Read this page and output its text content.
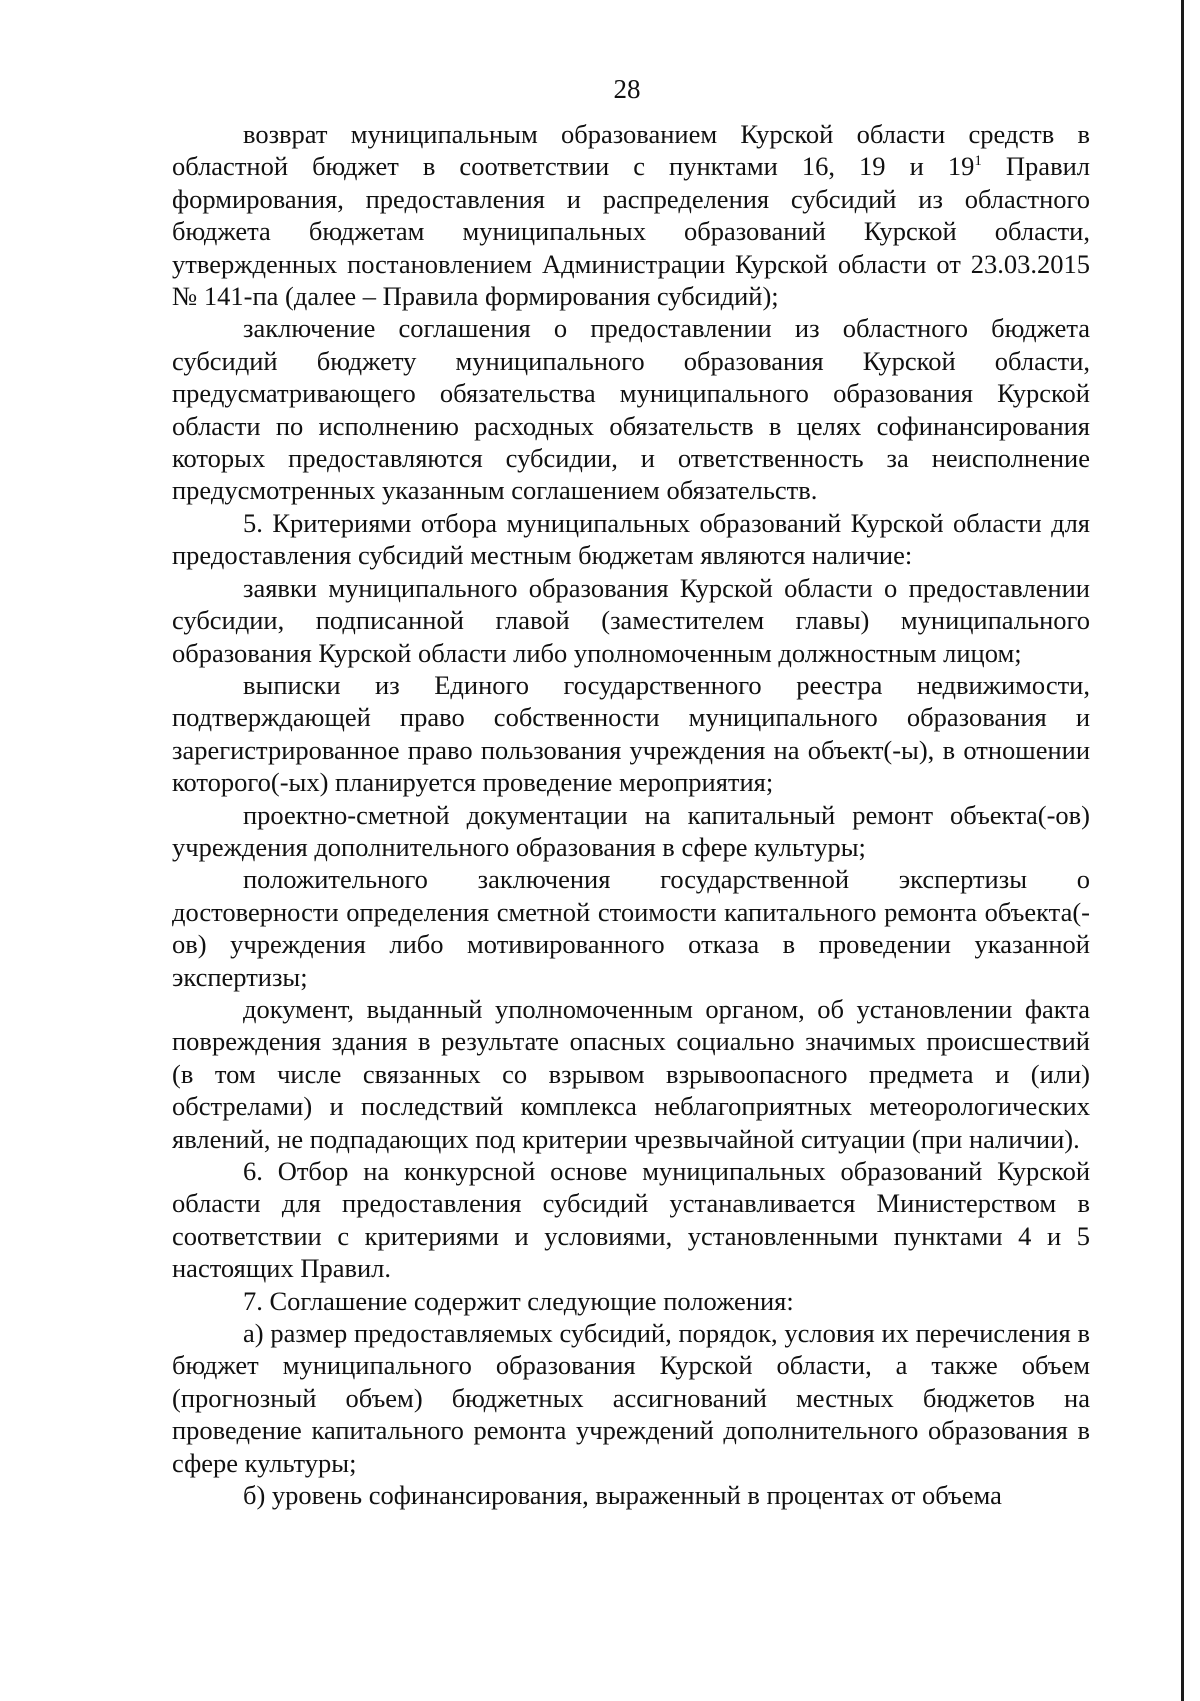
28

возврат муниципальным образованием Курской области средств в областной бюджет в соответствии с пунктами 16, 19 и $19^1$ Правил формирования, предоставления и распределения субсидий из областного бюджета бюджетам муниципальных образований Курской области, утвержденных постановлением Администрации Курской области от 23.03.2015 № 141-па (далее – Правила формирования субсидий);

заключение соглашения о предоставлении из областного бюджета субсидий бюджету муниципального образования Курской области, предусматривающего обязательства муниципального образования Курской области по исполнению расходных обязательств в целях софинансирования которых предоставляются субсидии, и ответственность за неисполнение предусмотренных указанным соглашением обязательств.

5. Критериями отбора муниципальных образований Курской области для предоставления субсидий местным бюджетам являются наличие:

заявки муниципального образования Курской области о предоставлении субсидии, подписанной главой (заместителем главы) муниципального образования Курской области либо уполномоченным должностным лицом;

выписки из Единого государственного реестра недвижимости, подтверждающей право собственности муниципального образования и зарегистрированное право пользования учреждения на объект(-ы), в отношении которого(-ых) планируется проведение мероприятия;

проектно-сметной документации на капитальный ремонт объекта(-ов) учреждения дополнительного образования в сфере культуры;

положительного заключения государственной экспертизы о достоверности определения сметной стоимости капитального ремонта объекта(-ов) учреждения либо мотивированного отказа в проведении указанной экспертизы;

документ, выданный уполномоченным органом, об установлении факта повреждения здания в результате опасных социально значимых происшествий (в том числе связанных со взрывом взрывоопасного предмета и (или) обстрелами) и последствий комплекса неблагоприятных метеорологических явлений, не подпадающих под критерии чрезвычайной ситуации (при наличии).

6. Отбор на конкурсной основе муниципальных образований Курской области для предоставления субсидий устанавливается Министерством в соответствии с критериями и условиями, установленными пунктами 4 и 5 настоящих Правил.

7. Соглашение содержит следующие положения:

а) размер предоставляемых субсидий, порядок, условия их перечисления в бюджет муниципального образования Курской области, а также объем (прогнозный объем) бюджетных ассигнований местных бюджетов на проведение капитального ремонта учреждений дополнительного образования в сфере культуры;

б) уровень софинансирования, выраженный в процентах от объема
